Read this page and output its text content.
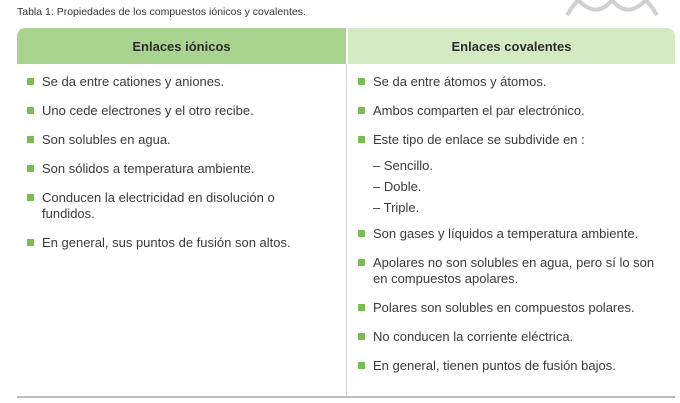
Tabla 1: Propiedades de los compuestos iónicos y covalentes.
Enlaces iónicos	Enlaces covalentes
Se da entre cationes y aniones.
Uno cede electrones y el otro recibe.
Son solubles en agua.
Son sólidos a temperatura ambiente.
Conducen la electricidad en disolución o fundidos.
En general, sus puntos de fusión son altos.
Se da entre átomos y átomos.
Ambos comparten el par electrónico.
Este tipo de enlace se subdivide en :
– Sencillo.
– Doble.
– Triple.
Son gases y líquidos a temperatura ambiente.
Apolares no son solubles en agua, pero sí lo son en compuestos apolares.
Polares son solubles en compuestos polares.
No conducen la corriente eléctrica.
En general, tienen puntos de fusión bajos.
